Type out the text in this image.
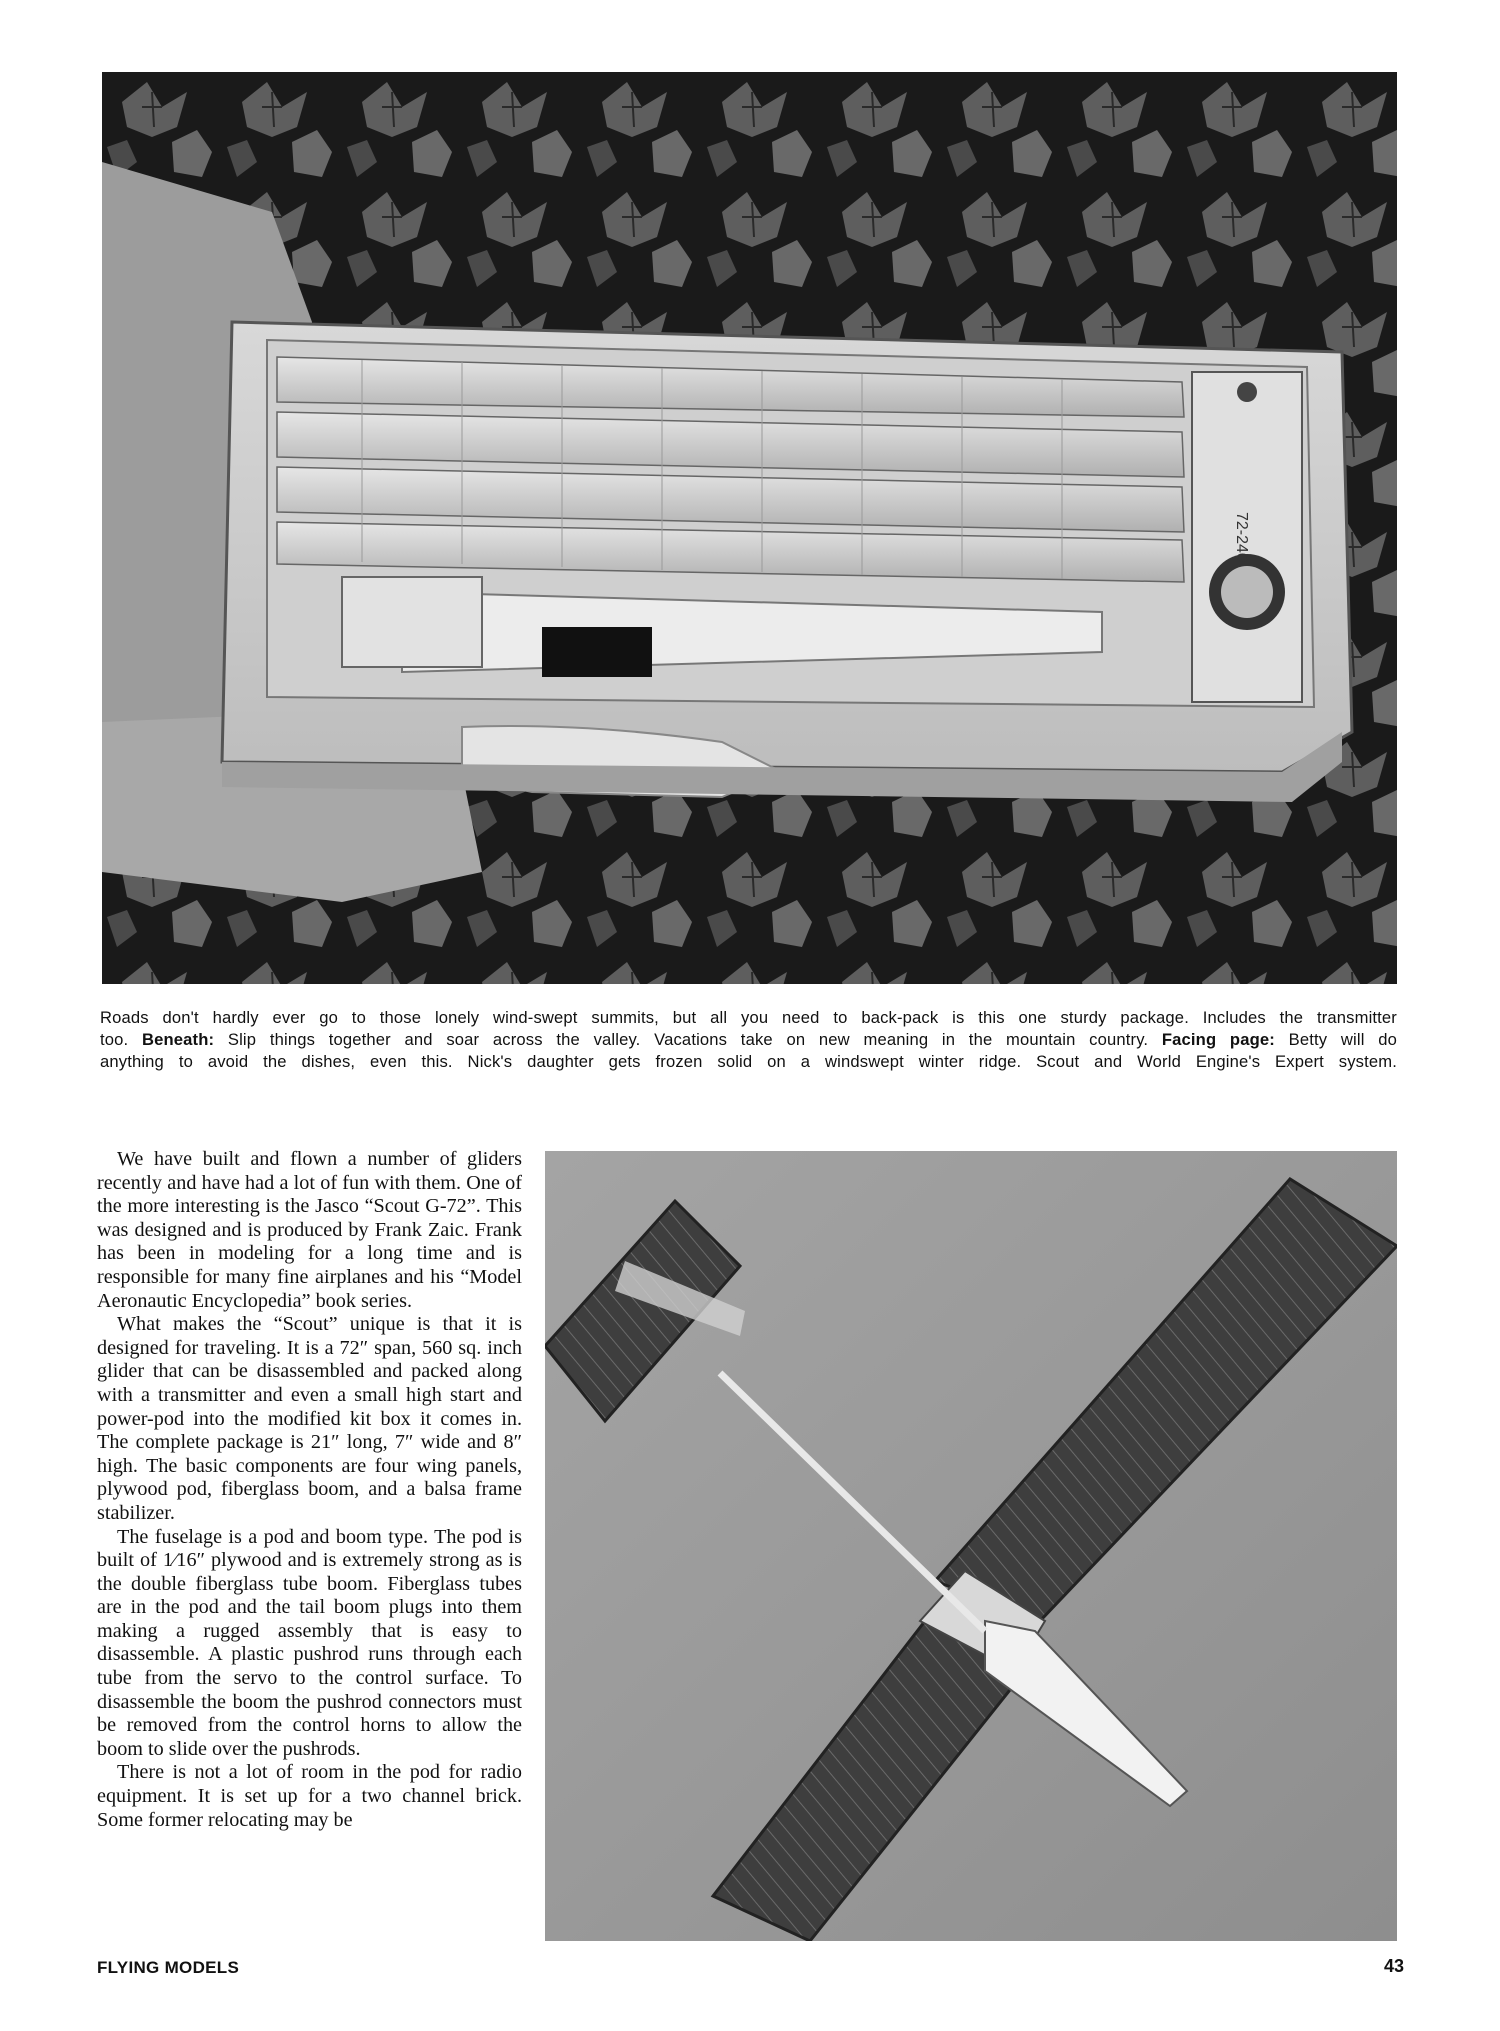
72-240
Roads don't hardly ever go to those lonely wind-swept summits, but all you need to back-pack is this one sturdy package. Includes the transmitter
too. Beneath: Slip things together and soar across the valley. Vacations take on new meaning in the mountain country. Facing page: Betty will do
anything to avoid the dishes, even this. Nick's daughter gets frozen solid on a windswept winter ridge. Scout and World Engine's Expert system.

We have built and flown a number of gliders recently and have had a lot of fun with them. One of the more interesting is the Jasco “Scout G-72”. This was designed and is produced by Frank Zaic. Frank has been in modeling for a long time and is responsible for many fine airplanes and his “Model Aeronautic Encyclopedia” book series.

What makes the “Scout” unique is that it is designed for traveling. It is a 72″ span, 560 sq. inch glider that can be disassembled and packed along with a transmitter and even a small high start and power-pod into the modified kit box it comes in. The complete package is 21″ long, 7″ wide and 8″ high. The basic components are four wing panels, plywood pod, fiberglass boom, and a balsa frame stabilizer.

The fuselage is a pod and boom type. The pod is built of 1⁄16″ plywood and is extremely strong as is the double fiberglass tube boom. Fiberglass tubes are in the pod and the tail boom plugs into them making a rugged assembly that is easy to disassemble. A plastic pushrod runs through each tube from the servo to the control surface. To disassemble the boom the pushrod connectors must be removed from the control horns to allow the boom to slide over the pushrods.

There is not a lot of room in the pod for radio equipment. It is set up for a two channel brick. Some former relocating may be

FLYING MODELS	43
